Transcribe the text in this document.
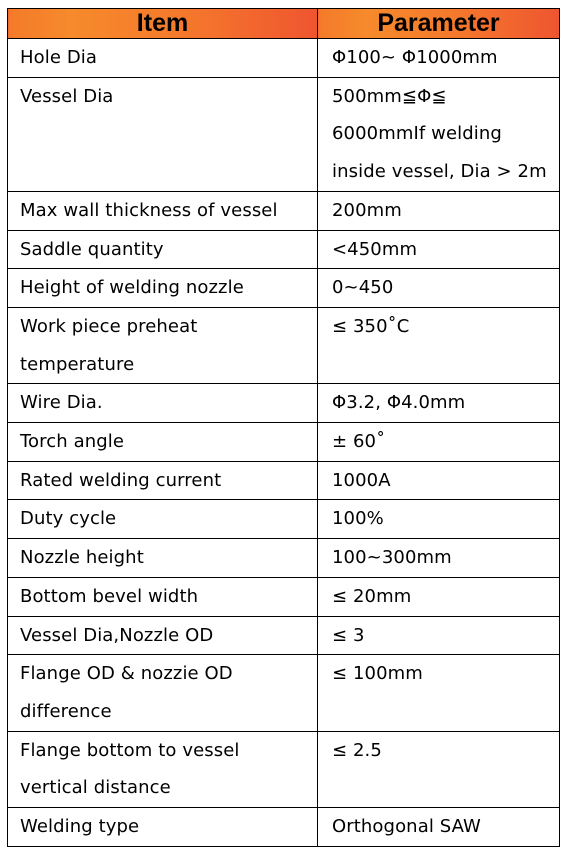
Item	Parameter
Hole Dia	Φ100~ Φ1000mm
Vessel Dia	500mm≦Φ≦
6000mmIf welding
inside vessel, Dia > 2m
Max wall thickness of vessel	200mm
Saddle quantity	<450mm
Height of welding nozzle	0~450
Work piece preheat
temperature	≤ 350˚C
Wire Dia.	Φ3.2, Φ4.0mm
Torch angle	± 60˚
Rated welding current	1000A
Duty cycle	100%
Nozzle height	100~300mm
Bottom bevel width	≤ 20mm
Vessel Dia,Nozzle OD	≤ 3
Flange OD & nozzie OD
difference	≤ 100mm
Flange bottom to vessel
vertical distance	≤ 2.5
Welding type	Orthogonal SAW
